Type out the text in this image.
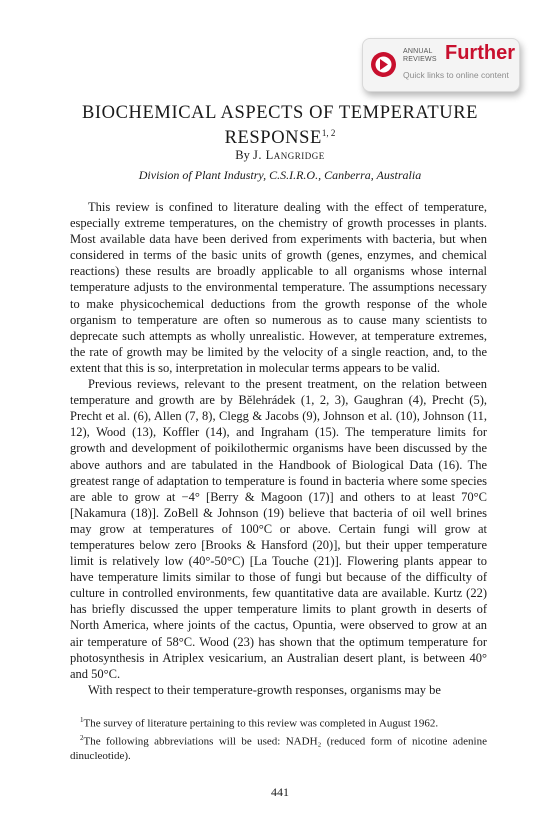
ANNUAL
REVIEWS Further
Quick links to online content
BIOCHEMICAL ASPECTS OF TEMPERATURE RESPONSE$^{1, 2}$
By J. Langridge
Division of Plant Industry, C.S.I.R.O., Canberra, Australia

This review is confined to literature dealing with the effect of temperature, especially extreme temperatures, on the chemistry of growth processes in plants. Most available data have been derived from experiments with bacteria, but when considered in terms of the basic units of growth (genes, enzymes, and chemical reactions) these results are broadly applicable to all organisms whose internal temperature adjusts to the environmental temperature. The assumptions necessary to make physicochemical deductions from the growth response of the whole organism to temperature are often so numerous as to cause many scientists to deprecate such attempts as wholly unrealistic. However, at temperature extremes, the rate of growth may be limited by the velocity of a single reaction, and, to the extent that this is so, interpretation in molecular terms appears to be valid.

Previous reviews, relevant to the present treatment, on the relation between temperature and growth are by Bělehrádek (1, 2, 3), Gaughran (4), Precht (5), Precht et al. (6), Allen (7, 8), Clegg & Jacobs (9), Johnson et al. (10), Johnson (11, 12), Wood (13), Koffler (14), and Ingraham (15). The temperature limits for growth and development of poikilothermic organisms have been discussed by the above authors and are tabulated in the Handbook of Biological Data (16). The greatest range of adaptation to temperature is found in bacteria where some species are able to grow at −4° [Berry & Magoon (17)] and others to at least 70°C [Nakamura (18)]. ZoBell & Johnson (19) believe that bacteria of oil well brines may grow at temperatures of 100°C or above. Certain fungi will grow at temperatures below zero [Brooks & Hansford (20)], but their upper temperature limit is relatively low (40°-50°C) [La Touche (21)]. Flowering plants appear to have temperature limits similar to those of fungi but because of the difficulty of culture in controlled environments, few quantitative data are available. Kurtz (22) has briefly discussed the upper temperature limits to plant growth in deserts of North America, where joints of the cactus, Opuntia, were observed to grow at an air temperature of 58°C. Wood (23) has shown that the optimum temperature for photosynthesis in Atriplex vesicarium, an Australian desert plant, is between 40° and 50°C.

With respect to their temperature-growth responses, organisms may be

$^1$The survey of literature pertaining to this review was completed in August 1962.

$^2$The following abbreviations will be used: NADH₂ (reduced form of nicotine adenine dinucleotide).

441
